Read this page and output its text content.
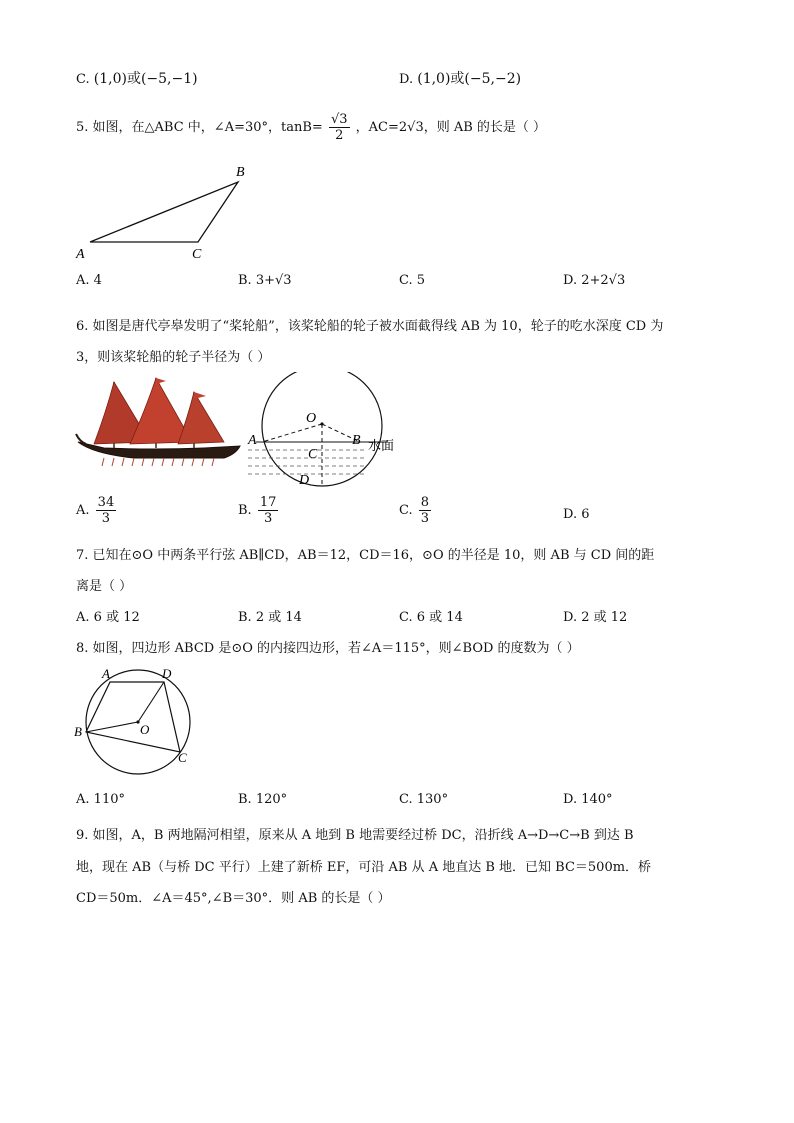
C. (1,0)或(−5,−1)	D. (1,0)或(−5,−2)
5. 如图，在△ABC 中，∠A=30°，$\tan B= \frac{√3}{2}$ ，AC=2√3，则 AB 的长是（ ）
A
B
C
A. 4	B. 3+√3	C. 5	D. 2+2√3
6. 如图是唐代亭皋发明了“桨轮船”，该桨轮船的轮子被水面截得线 AB 为 10，轮子的吃水深度 CD 为
3，则该桨轮船的轮子半径为（ ）
O
A	B
C
D
水面
A. $\frac{34}{3}$	B. $\frac{17}{3}$	C. $\frac{8}{3}$	D. 6
7. 已知在⊙O 中两条平行弦 AB∥CD，AB＝12，CD＝16，⊙O 的半径是 10，则 AB 与 CD 间的距
离是（ ）
A. 6 或 12	B. 2 或 14	C. 6 或 14	D. 2 或 12
8. 如图，四边形 ABCD 是⊙O 的内接四边形，若∠A＝115°，则∠BOD 的度数为（ ）
A	D
B
C
O
A. 110°	B. 120°	C. 130°	D. 140°
9. 如图，A，B 两地隔河相望，原来从 A 地到 B 地需要经过桥 DC，沿折线 A→D→C→B 到达 B
地，现在 AB（与桥 DC 平行）上建了新桥 EF，可沿 AB 从 A 地直达 B 地．已知 BC＝500m．桥
CD＝50m．∠A＝45°,∠B＝30°．则 AB 的长是（ ）
